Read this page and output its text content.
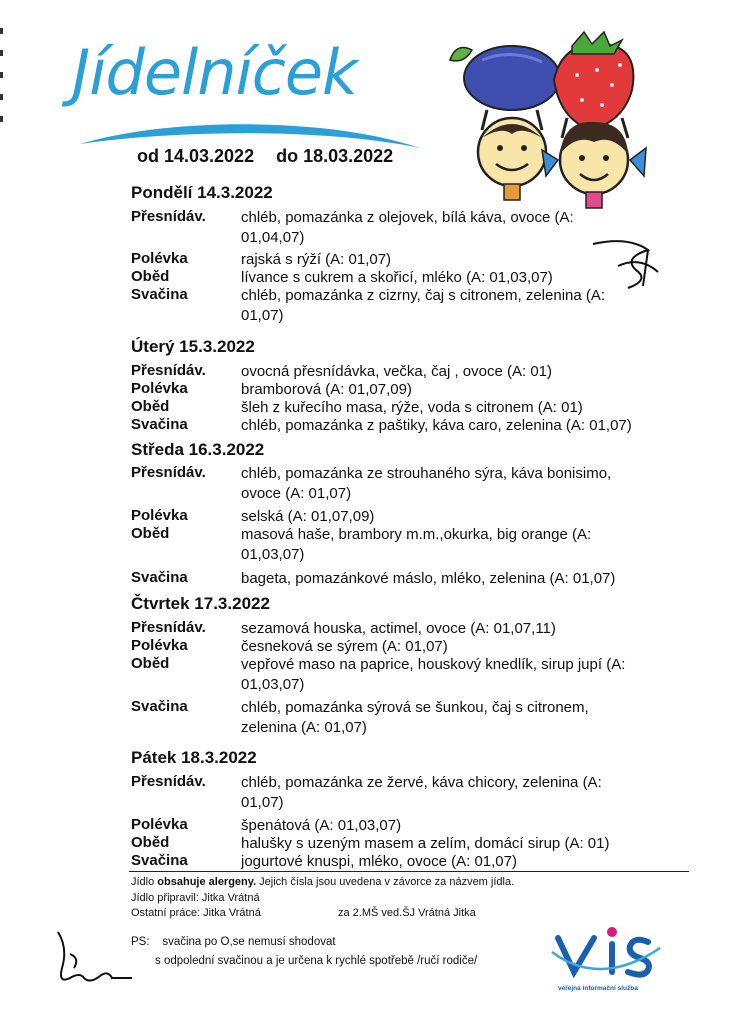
Jídelníček
od 14.03.2022 do 18.03.2022
Pondělí 14.3.2022
Přesnídáv. chléb, pomazánka z olejovek, bílá káva, ovoce (A:
01,04,07)
Polévka	rajská s rýží (A: 01,07)
Oběd	lívance s cukrem a skořicí, mléko (A: 01,03,07)
Svačina	chléb, pomazánka z cizrny, čaj s citronem, zelenina (A:
01,07)
Úterý 15.3.2022
Přesnídáv. ovocná přesnídávka, večka, čaj , ovoce (A: 01)
Polévka	bramborová (A: 01,07,09)
Oběd	šleh z kuřecího masa, rýže, voda s citronem (A: 01)
Svačina	chléb, pomazánka z paštiky, káva caro, zelenina (A: 01,07)
Středa 16.3.2022
Přesnídáv. chléb, pomazánka ze strouhaného sýra, káva bonisimo,
ovoce (A: 01,07)
Polévka	selská (A: 01,07,09)
Oběd	masová haše, brambory m.m.,okurka, big orange (A:
01,03,07)
Svačina	bageta, pomazánkové máslo, mléko, zelenina (A: 01,07)
Čtvrtek 17.3.2022
Přesnídáv. sezamová houska, actimel, ovoce (A: 01,07,11)
Polévka	česneková se sýrem (A: 01,07)
Oběd	vepřové maso na paprice, houskový knedlík, sirup jupí (A:
01,03,07)
Svačina	chléb, pomazánka sýrová se šunkou, čaj s citronem,
zelenina (A: 01,07)
Pátek 18.3.2022
Přesnídáv. chléb, pomazánka ze žervé, káva chicory, zelenina (A:
01,07)
Polévka	špenátová (A: 01,03,07)
Oběd	halušky s uzeným masem a zelím, domácí sirup (A: 01)
Svačina	jogurtové knuspi, mléko, ovoce (A: 01,07)
Jídlo obsahuje alergeny. Jejich čísla jsou uvedena v závorce za názvem jídla.
Jídlo připravil: Jitka Vrátná
Ostatní práce: Jitka Vrátná	za 2.MŠ ved.ŠJ Vrátná Jitka
PS: svačina po O,se nemusí shodovat
s odpolední svačinou a je určena k rychlé spotřebě /ručí rodiče/
veřejná informační služba
